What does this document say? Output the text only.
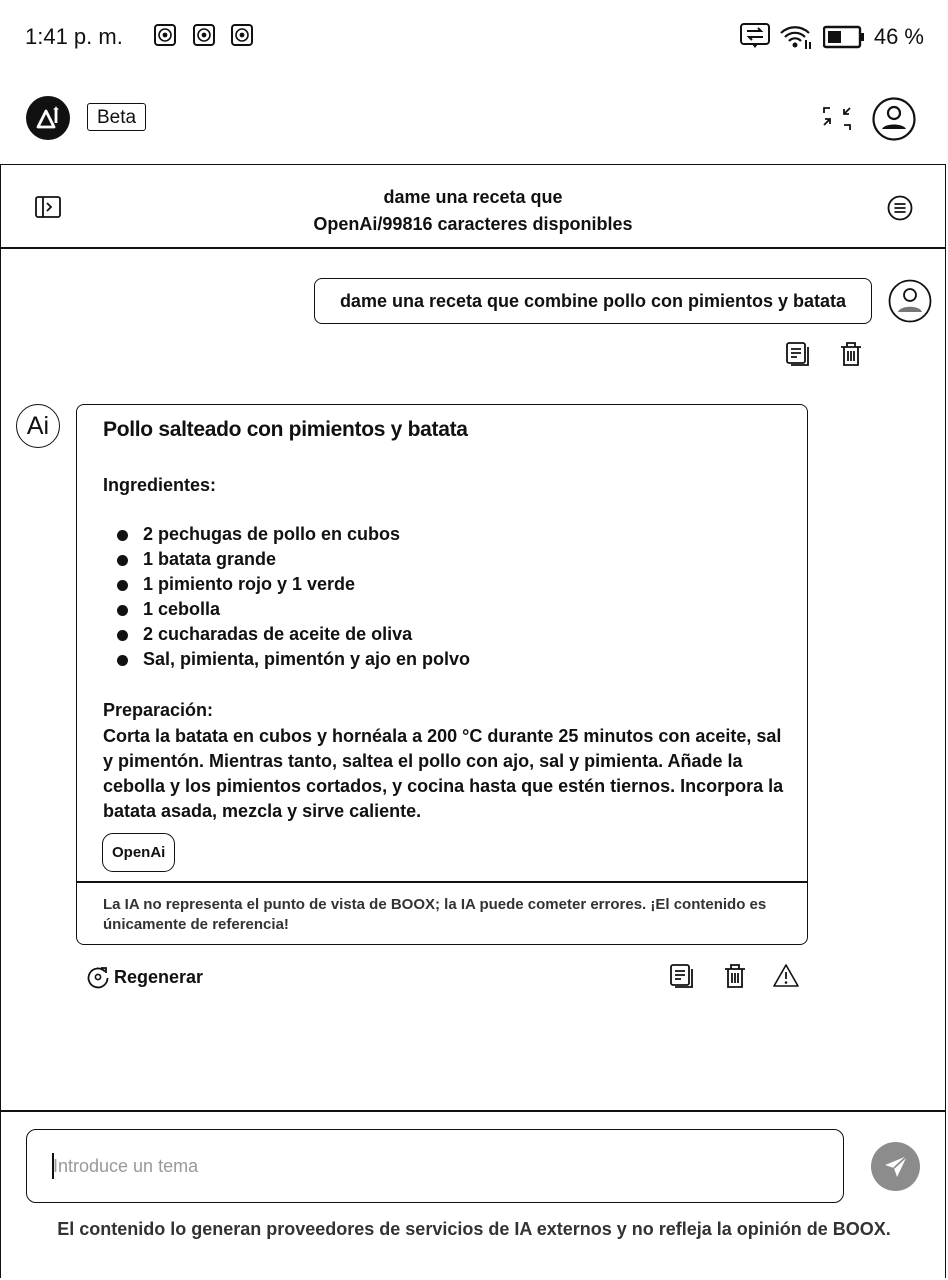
1:41 p. m.	46 %
Beta
dame una receta que
OpenAi/99816 caracteres disponibles
dame una receta que combine pollo con pimientos y batata
Ai	Pollo salteado con pimientos y batata
Ingredientes:
2 pechugas de pollo en cubos
1 batata grande
1 pimiento rojo y 1 verde
1 cebolla
2 cucharadas de aceite de oliva
Sal, pimienta, pimentón y ajo en polvo
Preparación:
Corta la batata en cubos y hornéala a 200 °C durante 25 minutos con aceite, sal y pimentón. Mientras tanto, saltea el pollo con ajo, sal y pimienta. Añade la cebolla y los pimientos cortados, y cocina hasta que estén tiernos. Incorpora la batata asada, mezcla y sirve caliente.
OpenAi
La IA no representa el punto de vista de BOOX; la IA puede cometer errores. ¡El contenido es únicamente de referencia!
Regenerar
Introduce un tema
El contenido lo generan proveedores de servicios de IA externos y no refleja la opinión de BOOX.
